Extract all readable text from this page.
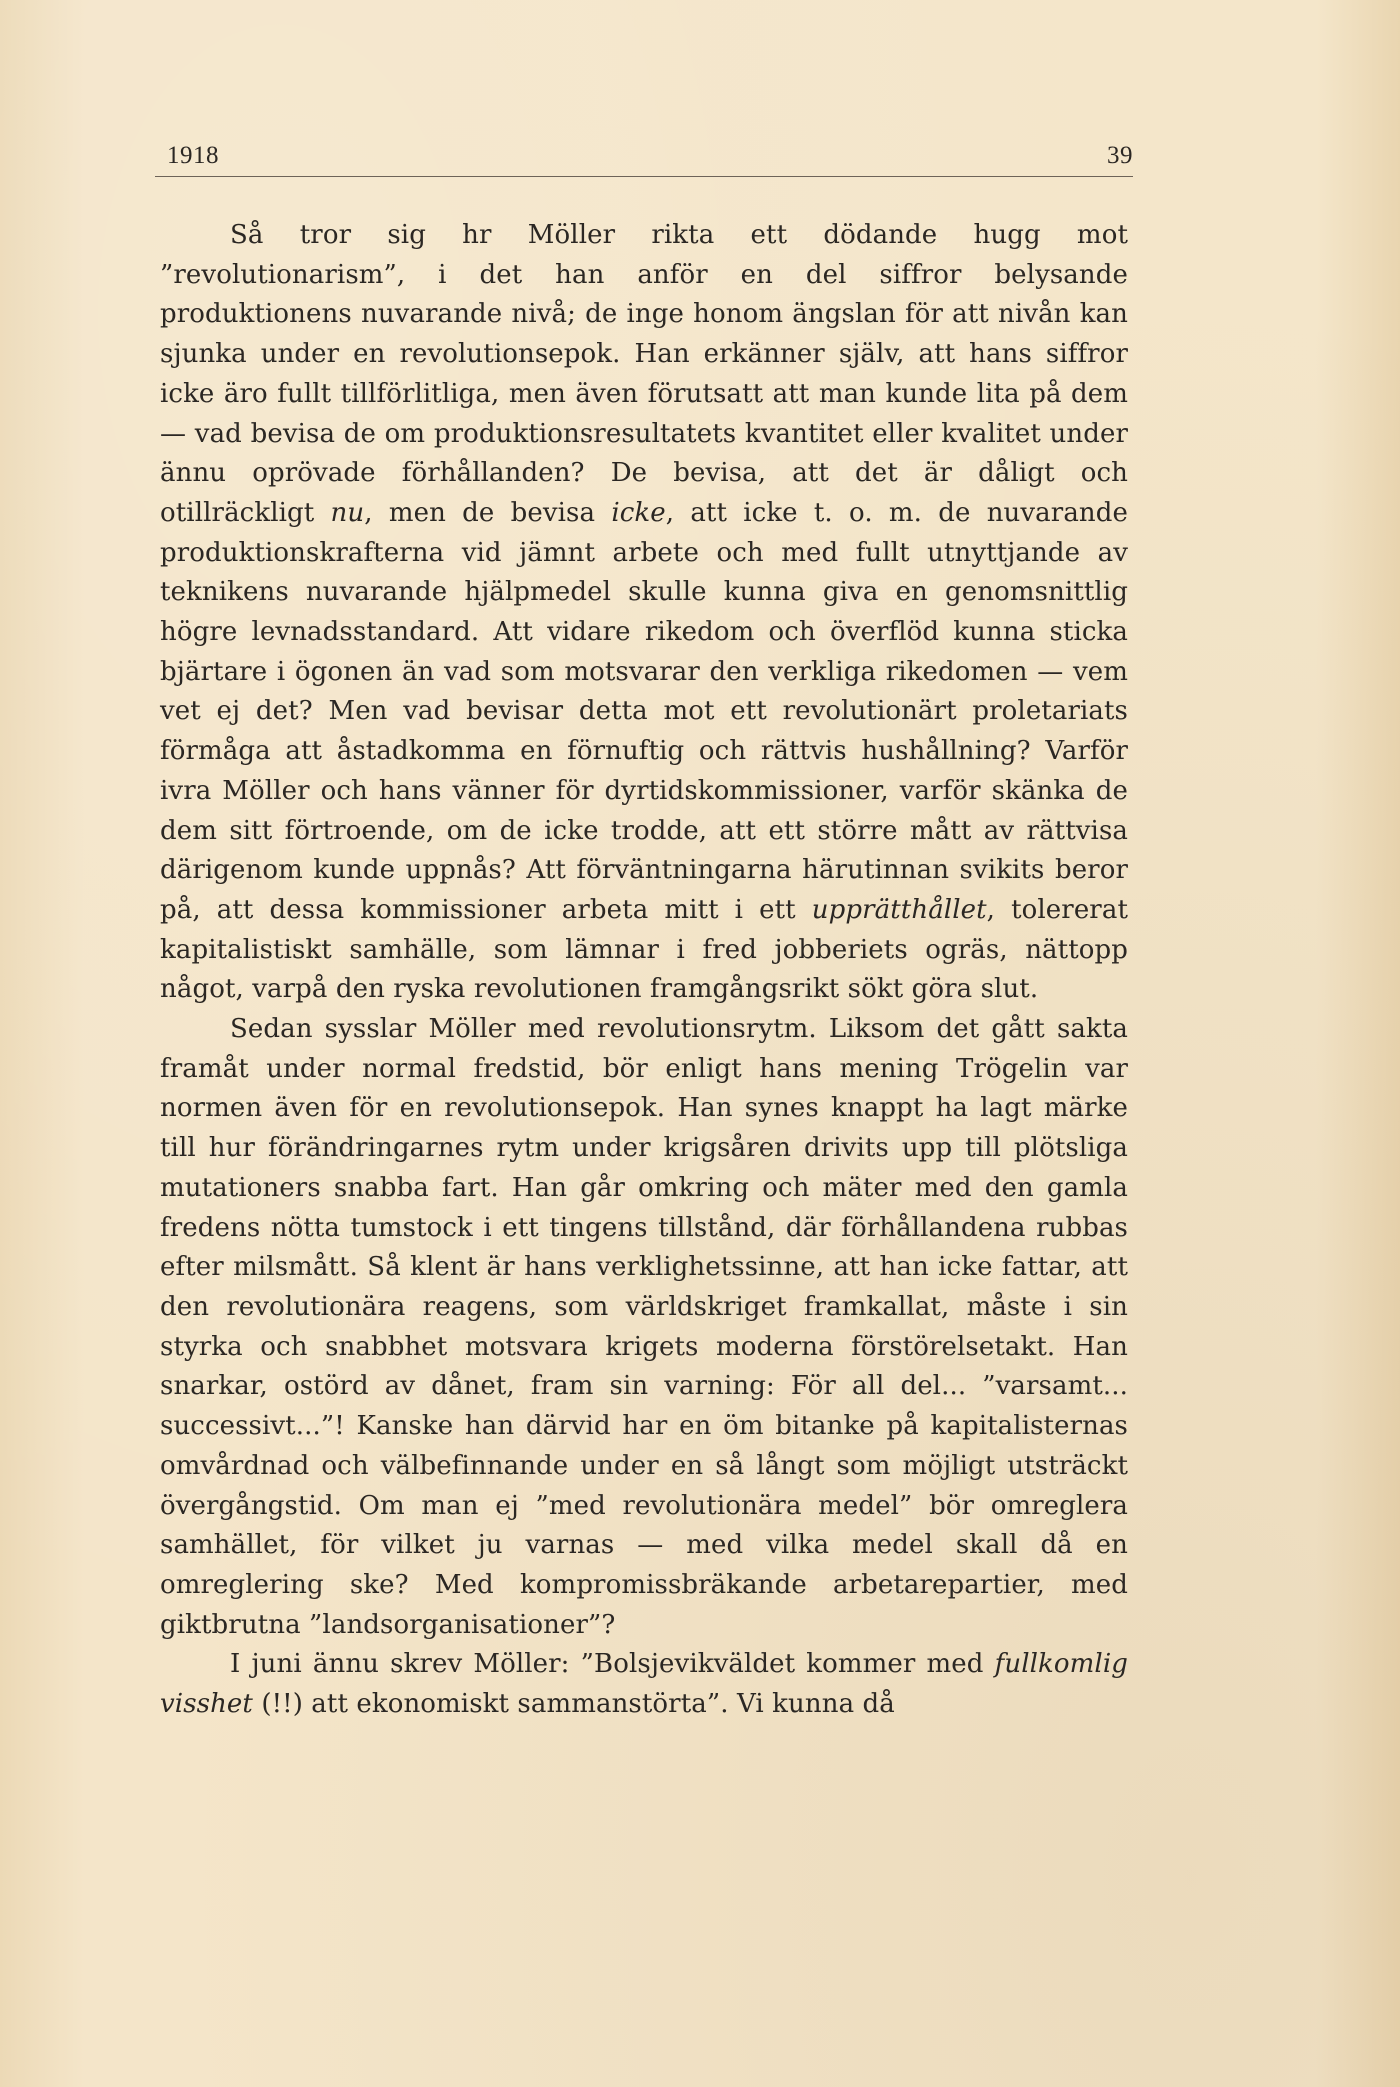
1918	39

Så tror sig hr Möller rikta ett dödande hugg mot ”revolutionarism”, i det han anför en del siffror belysande produktionens nuvarande nivå; de inge honom ängslan för att nivån kan sjunka under en revolutionsepok. Han erkänner själv, att hans siffror icke äro fullt tillförlitliga, men även förutsatt att man kunde lita på dem — vad bevisa de om produktionsresultatets kvantitet eller kvalitet under ännu oprövade förhållanden? De bevisa, att det är dåligt och otillräckligt nu, men de bevisa icke, att icke t. o. m. de nuvarande produktionskrafterna vid jämnt arbete och med fullt utnyttjande av teknikens nuvarande hjälpmedel skulle kunna giva en genomsnittlig högre levnadsstandard. Att vidare rikedom och överflöd kunna sticka bjärtare i ögonen än vad som motsvarar den verkliga rikedomen — vem vet ej det? Men vad bevisar detta mot ett revolutionärt proletariats förmåga att åstadkomma en förnuftig och rättvis hushållning? Varför ivra Möller och hans vänner för dyrtidskommissioner, varför skänka de dem sitt förtroende, om de icke trodde, att ett större mått av rättvisa därigenom kunde uppnås? Att förväntningarna härutinnan svikits beror på, att dessa kommissioner arbeta mitt i ett upprätthållet, tolererat kapitalistiskt samhälle, som lämnar i fred jobberiets ogräs, nättopp något, varpå den ryska revolutionen framgångsrikt sökt göra slut.

Sedan sysslar Möller med revolutionsrytm. Liksom det gått sakta framåt under normal fredstid, bör enligt hans mening Trögelin var normen även för en revolutionsepok. Han synes knappt ha lagt märke till hur förändringarnes rytm under krigsåren drivits upp till plötsliga mutationers snabba fart. Han går omkring och mäter med den gamla fredens nötta tumstock i ett tingens tillstånd, där förhållandena rubbas efter milsmått. Så klent är hans verklighetssinne, att han icke fattar, att den revolutionära reagens, som världskriget framkallat, måste i sin styrka och snabbhet motsvara krigets moderna förstörelsetakt. Han snarkar, ostörd av dånet, fram sin varning: För all del... ”varsamt... successivt...”! Kanske han därvid har en öm bitanke på kapitalisternas omvårdnad och välbefinnande under en så långt som möjligt utsträckt övergångstid. Om man ej ”med revolutionära medel” bör omreglera samhället, för vilket ju varnas — med vilka medel skall då en omreglering ske? Med kompromissbräkande arbetarepartier, med giktbrutna ”landsorganisationer”?

I juni ännu skrev Möller: ”Bolsjevikväldet kommer med fullkomlig visshet (!!) att ekonomiskt sammanstörta”. Vi kunna då
